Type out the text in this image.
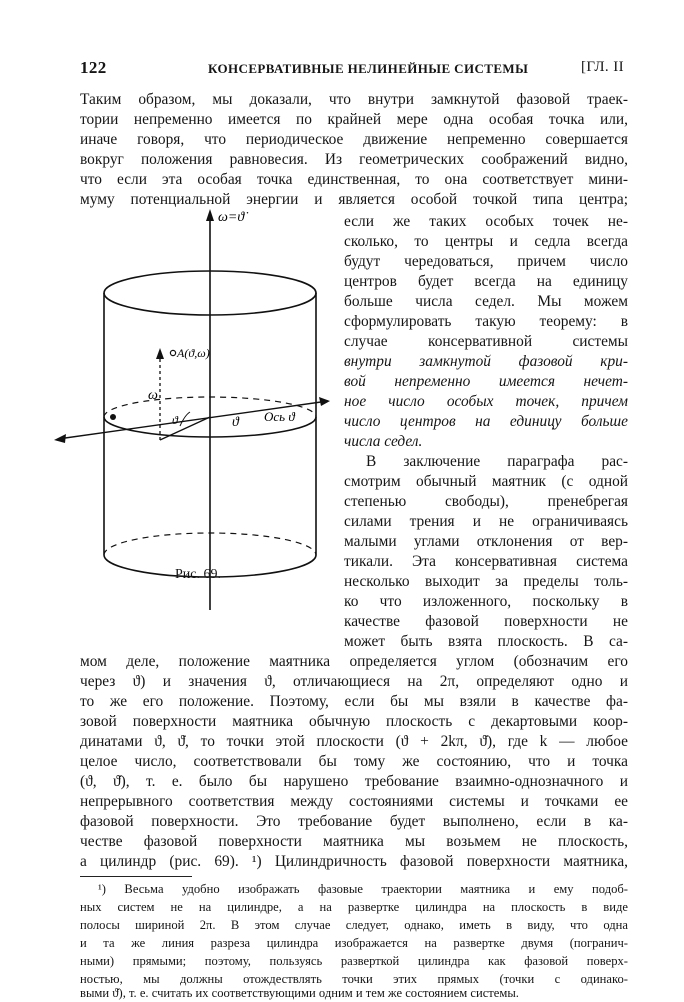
122	КОНСЕРВАТИВНЫЕ НЕЛИНЕЙНЫЕ СИСТЕМЫ	[ГЛ. II
Таким образом, мы доказали, что внутри замкнутой фазовой траек-
тории непременно имеется по крайней мере одна особая точка или,
иначе говоря, что периодическое движение непременно совершается
вокруг положения равновесия. Из геометрических соображений видно,
что если эта особая точка единственная, то она соответствует мини-
муму потенциальной энергии и является особой точкой типа центра;
если же таких особых точек не-
сколько, то центры и седла всегда
будут чередоваться, причем число
центров будет всегда на единицу
больше числа седел. Мы можем
сформулировать такую теорему: в
случае консервативной системы
внутри замкнутой фазовой кри-
вой непременно имеется нечет-
ное число особых точек, причем
число центров на единицу больше
числа седел.
В заключение параграфа рас-
смотрим обычный маятник (с одной
степенью свободы), пренебрегая
силами трения и не ограничиваясь
малыми углами отклонения от вер-
тикали. Эта консервативная система
несколько выходит за пределы толь-
ко что изложенного, поскольку в
качестве фазовой поверхности не
может быть взята плоскость. В са-
мом деле, положение маятника определяется углом (обозначим его
через ϑ) и значения ϑ, отличающиеся на 2π, определяют одно и
то же его положение. Поэтому, если бы мы взяли в качестве фа-
зовой поверхности маятника обычную плоскость с декартовыми коор-
динатами ϑ, ϑ̇, то точки этой плоскости (ϑ + 2kπ, ϑ̇), где k — любое
целое число, соответствовали бы тому же состоянию, что и точка
(ϑ, ϑ̇), т. е. было бы нарушено требование взаимно-однозначного и
непрерывного соответствия между состояниями системы и точками ее
фазовой поверхности. Это требование будет выполнено, если в ка-
честве фазовой поверхности маятника мы возьмем не плоскость,
а цилиндр (рис. 69). ¹) Цилиндричность фазовой поверхности маятника,
¹) Весьма удобно изображать фазовые траектории маятника и ему подоб-
ных систем не на цилиндре, а на развертке цилиндра на плоскость в виде
полосы шириной 2π. В этом случае следует, однако, иметь в виду, что одна
и та же линия разреза цилиндра изображается на развертке двумя (погранич-
ными) прямыми; поэтому, пользуясь разверткой цилиндра как фазовой поверх-
ностью, мы должны отождествлять точки этих прямых (точки с одинако-
выми ϑ̇), т. е. считать их соответствующими одним и тем же состоянием системы.
ω=ϑ̇
A(ϑ,ω)
ω
ϑ	ϑ Ось ϑ
Рис. 69.
